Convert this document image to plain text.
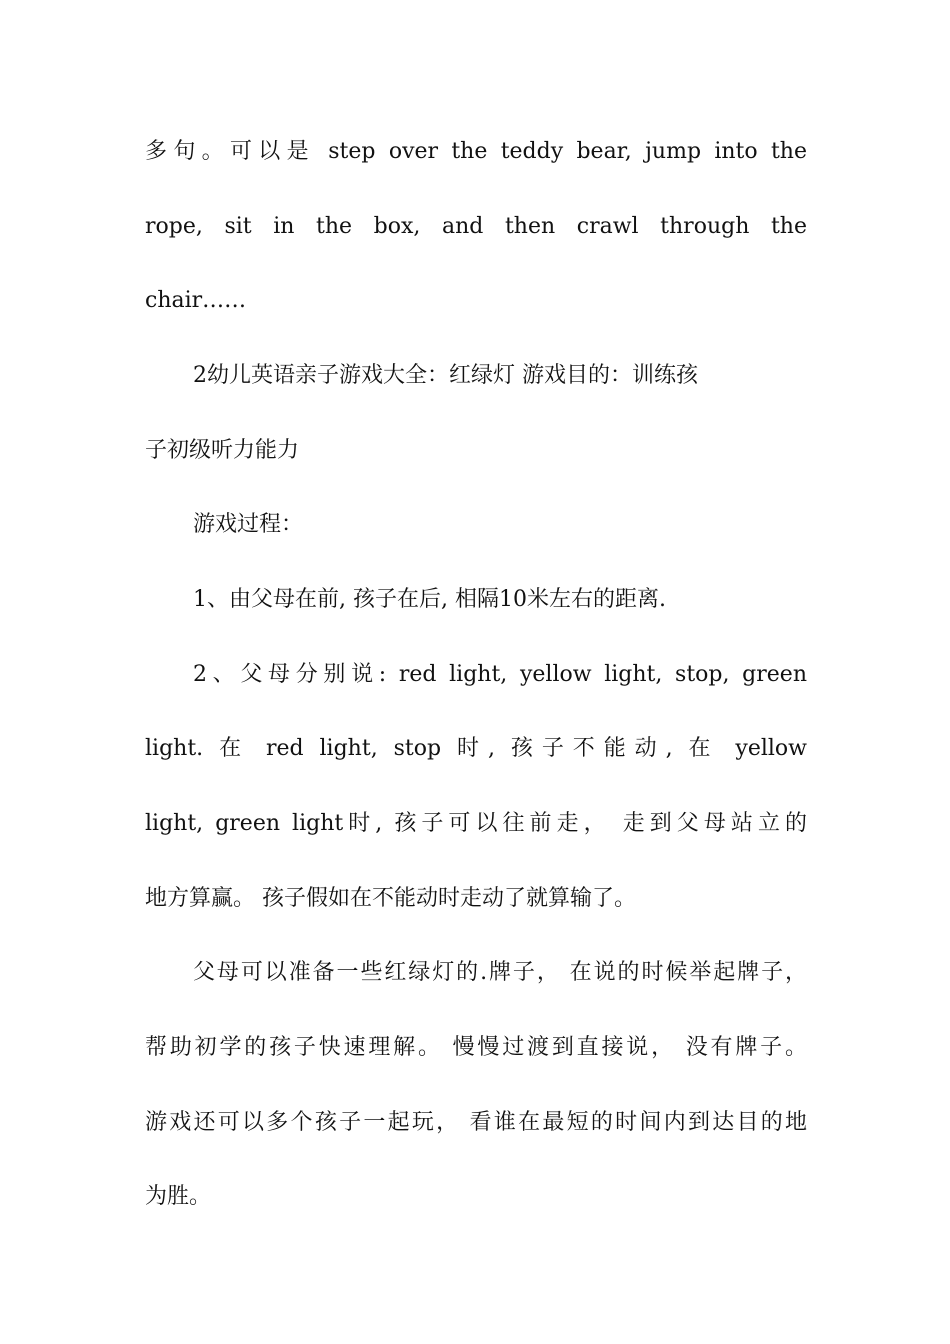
多句。可以是 step over the teddy bear, jump into the
rope, sit in the box, and then crawl through the
chair……
2幼儿英语亲子游戏大全：红绿灯 游戏目的：训练孩
子初级听力能力
游戏过程：
1、由父母在前, 孩子在后, 相隔10米左右的距离.
2、父母分别说: red light, yellow light, stop, green
light. 在 red light, stop 时, 孩子不能动, 在 yellow
light, green light时, 孩子可以往前走， 走到父母站立的
地方算赢。 孩子假如在不能动时走动了就算输了。
父母可以准备一些红绿灯的.牌子， 在说的时候举起牌子，
帮助初学的孩子快速理解。 慢慢过渡到直接说， 没有牌子。
游戏还可以多个孩子一起玩， 看谁在最短的时间内到达目的地
为胜。
